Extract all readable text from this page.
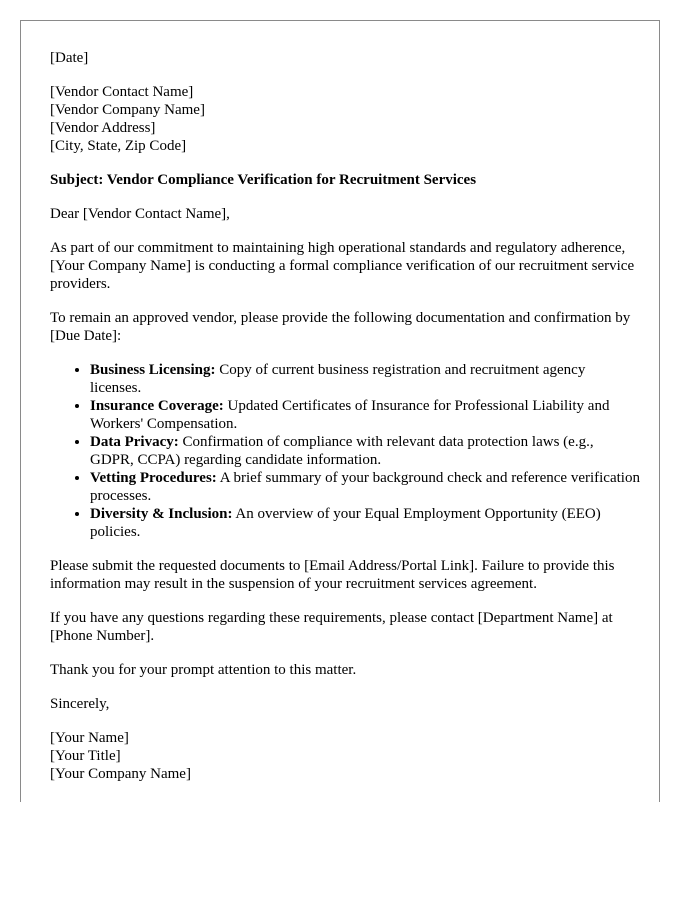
[Date]

[Vendor Contact Name]
[Vendor Company Name]
[Vendor Address]
[City, State, Zip Code]

Subject: Vendor Compliance Verification for Recruitment Services

Dear [Vendor Contact Name],

As part of our commitment to maintaining high operational standards and regulatory adherence, [Your Company Name] is conducting a formal compliance verification of our recruitment service providers.

To remain an approved vendor, please provide the following documentation and confirmation by [Due Date]:

• Business Licensing: Copy of current business registration and recruitment agency licenses.
• Insurance Coverage: Updated Certificates of Insurance for Professional Liability and Workers' Compensation.
• Data Privacy: Confirmation of compliance with relevant data protection laws (e.g., GDPR, CCPA) regarding candidate information.
• Vetting Procedures: A brief summary of your background check and reference verification processes.
• Diversity & Inclusion: An overview of your Equal Employment Opportunity (EEO) policies.

Please submit the requested documents to [Email Address/Portal Link]. Failure to provide this information may result in the suspension of your recruitment services agreement.

If you have any questions regarding these requirements, please contact [Department Name] at [Phone Number].

Thank you for your prompt attention to this matter.

Sincerely,

[Your Name]
[Your Title]
[Your Company Name]
